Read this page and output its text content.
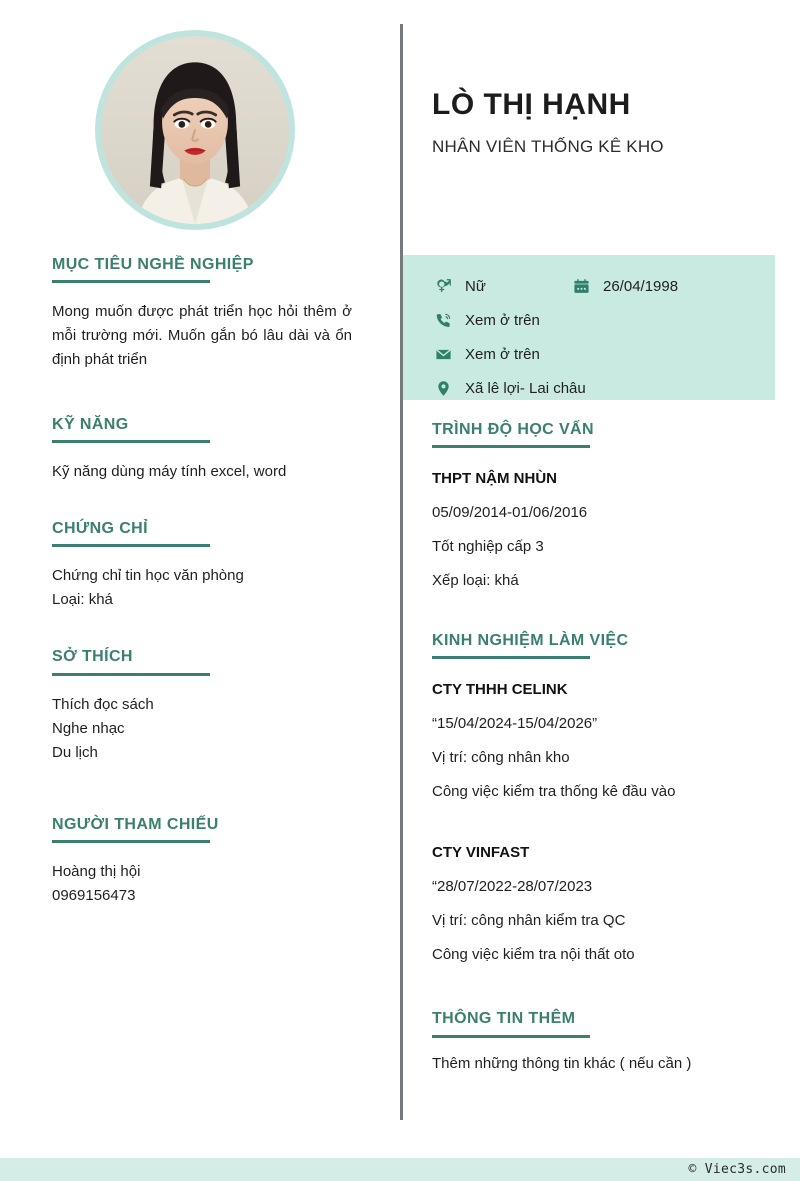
MỤC TIÊU NGHỀ NGHIỆP
Mong muốn được phát triển học hỏi thêm ở mỗi trường mới. Muốn gắn bó lâu dài và ổn định phát triển
KỸ NĂNG
Kỹ năng dùng máy tính excel, word
CHỨNG CHỈ
Chứng chỉ tin học văn phòng
Loại: khá
SỞ THÍCH
Thích đọc sách
Nghe nhạc
Du lịch
NGƯỜI THAM CHIẾU
Hoàng thị hội
0969156473
LÒ THỊ HẠNH
NHÂN VIÊN THỐNG KÊ KHO
Nữ	26/04/1998
Xem ở trên
Xem ở trên
Xã lê lợi- Lai châu
TRÌNH ĐỘ HỌC VẤN
THPT NẬM NHÙN
05/09/2014-01/06/2016
Tốt nghiệp cấp 3
Xếp loại: khá
KINH NGHIỆM LÀM VIỆC
CTY THHH CELINK
“15/04/2024-15/04/2026”
Vị trí: công nhân kho
Công việc kiểm tra thống kê đầu vào
CTY VINFAST
“28/07/2022-28/07/2023
Vị trí: công nhân kiểm tra QC
Công việc kiểm tra nội thất oto
THÔNG TIN THÊM
Thêm những thông tin khác ( nếu cần )
© Viec3s.com
